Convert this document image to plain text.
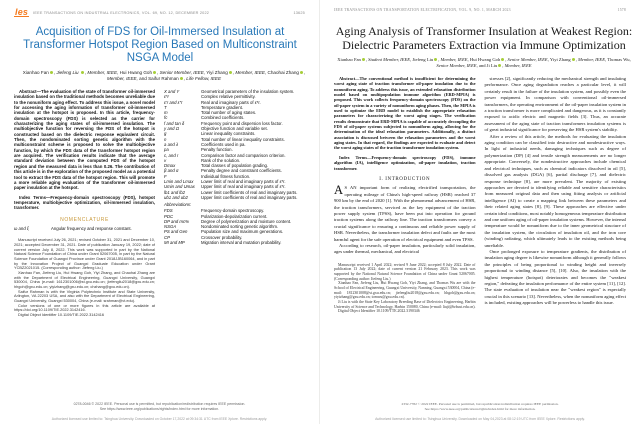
Ies IEEE TRANSACTIONS ON INDUSTRIAL ELECTRONICS, VOL. 69, NO. 12, DECEMBER 2022	13625
Acquisition of FDS for Oil-Immersed Insulation at Transformer Hotspot Region Based on Multiconstraint NSGA Model
Xianhao Fan , Jiefeng Liu , Member, IEEE, Hui Hwang Goh , Senior Member, IEEE, Yiyi Zhang , Member, IEEE, Chaohai Zhang , Member, IEEE, and Saifur Rahman , Life Fellow, IEEE

Abstract—The evaluation of the state of transformer oil-immersed insulation based on the traditional methods becomes unreliable due to the nonuniform aging effect. To address this issue, a novel model for accessing the aging information of transformer oil-immersed insulation at the hotspot is proposed. In this article, frequency-domain spectroscopy (FDS) is selected as the carrier for characterizing the aging states of oil-immersed insulation. The multiobjective function for reversing the FDS of the hotspot is constructed based on the dielectric response equivalent circuit. Then, the nondominated sorting genetic algorithm with the multiconstraint scheme is proposed to solve the multiobjective function, by which the FDS data of the transformer hotspot region are acquired. The verification results indicate that the average standard deviation between the computed FDS of the hotspot region and the measured data is less than 0.26. The contribution of this article is in the exploration of the proposed model as a potential tool to extract the FDS data of the hotspot region. This will promote a more reliable aging evaluation of the transformer oil-immersed paper insulation at the hotspot.

Index Terms—Frequency-domain spectroscopy (FDS), hotspot temperature, multiobjective optimization, oil-immersed insulation, transformer.

NOMENCLATURE
ω and ξ	Angular frequency and response constant.

Manuscript received July 26, 2021; revised October 31, 2021 and December 10, 2021; accepted December 31, 2021. Date of publication January 19, 2022; date of current version July 8, 2022. This work was supported in part by the National Natural Science Foundation of China under Grant 52067005, in part by the Natural Science Foundation of Guangxi Province under Grant 2018JJB160064, and in part by the Innovation Project of Guangxi Graduate Education under Grant YCBZ2021015. (Corresponding author: Jiefeng Liu.)

Xianhao Fan, Jiefeng Liu, Hui Hwang Goh, Yiyi Zhang, and Chaohai Zhang are with the Department of Electrical Engineering, Guangxi University, Guangxi 530004, China (e-mail: 1612301006@st.gxu.edu.cn; jiefengliu2018@gxu.edu.cn; hhgoh@gxu.edu.cn; yiyizhang@gxu.edu.cn; chzhang@gxu.edu.cn).

Saifur Rahman is with the Virginia Polytechnic Institute and State University, Arlington, VA 22203 USA, and also with the Department of Electrical Engineering, Guangxi University, Guangxi 530004, China (e-mail: srahman@vt.edu).

Color versions of one or more figures in this article are available at https://doi.org/10.1109/TIE.2022.3142416.

Digital Object Identifier 10.1109/TIE.2022.3142416

X and Y	Geometrical parameters of the insulation system.
ε*r	Complex relative permittivity.
ε′r and ε″r	Real and imaginary parts of ε*r.
T	Temperature gradient.
m	Total number of aging states.
fc	Combined coefficients.
f and tan δ	Frequency point and dispersion loss factor.
y and Ω	Objective function and variable set.
g	Linear inequality constraints.
n	Total number of linear inequality constraints.
a and λ	Coefficients used in pa.
pa	Penalty function.
c, and r	Comparison factor and comparison criterion.
v	Rank of the solution.
Dmax	Total classes of population grading.
β and α	Penalty degree and constraint coefficients.
F	Individual fitness function.
Lmin and Lmax	Lower limit of real and imaginary parts of ε*r.
Umin and Umax	Upper limit of real and imaginary parts of ε*r.
lb1 and lb2	Lower limit coefficients of real and imaginary parts.
ub1 and ub2	Upper limit coefficients of real and imaginary parts.
Abbreviations:
FDS	Frequency-domain spectroscopy.
PDC	Polarization-depolarization current.
DP and mc%	Degree of polymerization and moisture content.
NSGA	Nondominated sorting genetic algorithm.
PS and Gen	Population size and maximum generations.
CP	Crossover probability.
MI and MP	Migration interval and mutation probability.
0278-0046 © 2022 IEEE. Personal use is permitted, but republication/redistribution requires IEEE permission.
See https://www.ieee.org/publications/rights/index.html for more information.
Authorized licensed use limited to: Tsinghua University. Downloaded on October 17,2022 at 09:34:31 UTC from IEEE Xplore. Restrictions apply.
IEEE TRANSACTIONS ON TRANSPORTATION ELECTRIFICATION, VOL. 9, NO. 1, MARCH 2023	1578
Aging Analysis of Transformer Insulation at Weakest Region: Dielectric Parameters Extraction via Immune Optimization
Xianhao Fan , Student Member, IEEE, Jiefeng Liu , Member, IEEE, Hui Hwang Goh , Senior Member, IEEE, Yiyi Zhang , Member, IEEE, Thomas Wu, Senior Member, IEEE, and Ji Liu , Member, IEEE

Abstract—The conventional method is insufficient for determining the worst aging state of traction transformer oil-paper insulation due to the nonuniform aging. To address this issue, an extended relaxation distribution model based on multipopulation immune algorithm (ERD-MPIA) is proposed. This work collects frequency-domain spectroscopy (FDS) on the oil-paper system in a variety of nonuniform aging phases. Then, the MPIA is used to optimize the ERD model to establish the appropriate relaxation parameters for characterizing the worst aging stages. The verification results demonstrate that ERD-MPIA is capable of accurately decoupling the FDS of oil-paper systems subjected to nonuniform aging, allowing for the determination of the ideal relaxation parameters. Additionally, a distinct association is discussed between the relaxation parameters and the worst aging states. In that regard, the findings are expected to evaluate and detect the worst aging states of the traction transformer insulation system.

Index Terms—Frequency-domain spectroscopy (FDS), immune algorithm (IA), intelligence optimization, oil-paper insulation, traction transformer.

I. INTRODUCTION

A S AN important form of realizing electrified transportation, the operating mileage of China's high-speed railway (HSR) reached 37 900 km by the end of 2020 [1]. With the phenomenal advancement of HSR, the traction transformers, serviced as the key equipment of the traction power supply system (TPSS), have been put into operation for ground traction systems along the railway line. The traction transformers convey a crucial significance to ensuring a continuous and reliable power supply of HSR. Nevertheless, the transformer insulation defect and faults are the most harmful agent for the safe operation of electrical equipment and even TPSS.

According to research, oil-paper insulation, particularly solid insulation, ages under thermal, mechanical, and electrical

Manuscript received 1 April 2022; revised 9 June 2022; accepted 8 July 2022. Date of publication 13 July 2022; date of current version 21 February 2023. This work was supported by the National Natural Science Foundation of China under Grant 52067005. (Corresponding author: Jiefeng Liu.)

Xianhao Fan, Jiefeng Liu, Hui Hwang Goh, Yiyi Zhang, and Thomas Wu are with the School of Electrical Engineering, Guangxi University, Nanning, Guangxi 530004, China (e-mail: 1812301008@st.gxu.edu.cn; jiefengliu2018@gxu.edu.cn; hhgoh@gxu.edu.cn; yiyizhang@gxu.edu.cn; tomwu@gxu.edu.cn).

Ji Liu is with the State Key Laboratory Breeding Base of Dielectrics Engineering, Harbin University of Science and Technology, Harbin 150080, China (e-mail: liuji@hrbust.edu.cn).

Digital Object Identifier 10.1109/TTE.2022.3190346

stresses [2], significantly reducing the mechanical strength and insulating performance. Once aging degradation reaches a particular level, it will certainly result in the failure of the insulation system, and possibly even the power equipment. In comparison with conventional oil-immersed transformers, the operating environment of the oil-paper insulation system in a traction transformer is more complicated and dangerous, as it is constantly exposed to acidic electric and magnetic fields [3]. Thus, an accurate assessment of the aging state of traction transformers insulation systems is of great industrial significance for preserving the HSR system's stability.

After a review of this article, the methods for evaluating the insulation aging condition can be classified into destructive and nondestructive ways. In light of industrial needs, damaging techniques such as degree of polymerization (DP) [4] and tensile strength measurements are no longer appropriate. Conversely, the nondestructive approaches include chemical and electrical techniques, such as chemical indicators dissolved in oil [5], dissolved gas analysis (DGA) [6], partial discharge [7], and dielectric response technique [8], are more prevalent. The majority of existing approaches are devoted to identifying reliable and sensitive characteristics from measured original data and then using fitting analysis or artificial intelligence (AI) to create a mapping link between these parameters and their related aging states [8], [9]. These approaches are effective under certain ideal conditions, most notably homogeneous temperature distribution and one uniform aging of oil-paper insulation systems. However, the internal temperature would be nonuniform due to the inner geometrical structure of the insulation system, the circulation of insulation oil, and the iron core (winding) radiating, which ultimately leads to the existing methods being unreliable.

Once prolonged exposure to temperature gradients, the distribution of insulation aging degree is likewise nonuniform although it generally follows the principles of being proportional to winding height and inversely proportional to winding distance [5], [10]. Also, the insulation with the highest temperature (hotspot) deteriorates and becomes the "weakest region," defeating the insulation performance of the entire system [11], [12]. The state evaluation of insulation near the "weakest region" is especially crucial in this scenario [13]. Nevertheless, when the nonuniform aging effect is included, existing approaches will be powerless to handle this issue.

2332-7782 © 2022 IEEE. Personal use is permitted, but republication/redistribution requires IEEE permission.
See https://www.ieee.org/publications/rights/index.html for more information.
Authorized licensed use limited to: Tsinghua University. Downloaded on May 04,2023 at 08:12:19 UTC from IEEE Xplore. Restrictions apply.
